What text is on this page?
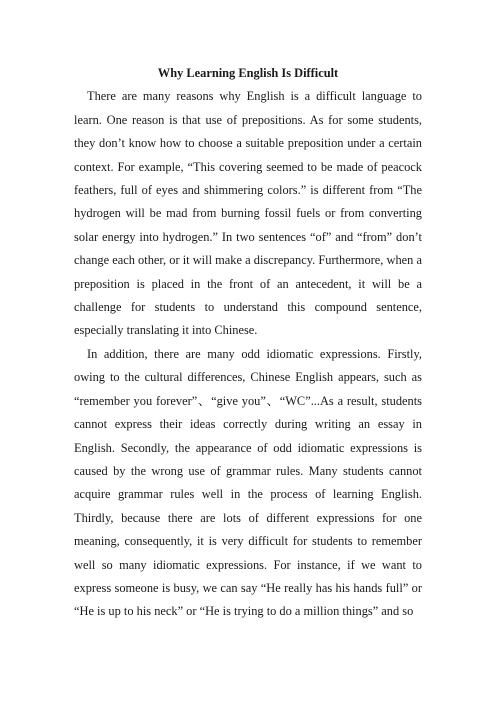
Why Learning English Is Difficult

There are many reasons why English is a difficult language to learn. One reason is that use of prepositions. As for some students, they don’t know how to choose a suitable preposition under a certain context. For example, “This covering seemed to be made of peacock feathers, full of eyes and shimmering colors.” is different from “The hydrogen will be mad from burning fossil fuels or from converting solar energy into hydrogen.” In two sentences “of” and “from” don’t change each other, or it will make a discrepancy. Furthermore, when a preposition is placed in the front of an antecedent, it will be a challenge for students to understand this compound sentence, especially translating it into Chinese.

In addition, there are many odd idiomatic expressions. Firstly, owing to the cultural differences, Chinese English appears, such as “remember you forever”、“give you”、“WC”...As a result, students cannot express their ideas correctly during writing an essay in English. Secondly, the appearance of odd idiomatic expressions is caused by the wrong use of grammar rules. Many students cannot acquire grammar rules well in the process of learning English. Thirdly, because there are lots of different expressions for one meaning, consequently, it is very difficult for students to remember well so many idiomatic expressions. For instance, if we want to express someone is busy, we can say “He really has his hands full” or “He is up to his neck” or “He is trying to do a million things” and so
